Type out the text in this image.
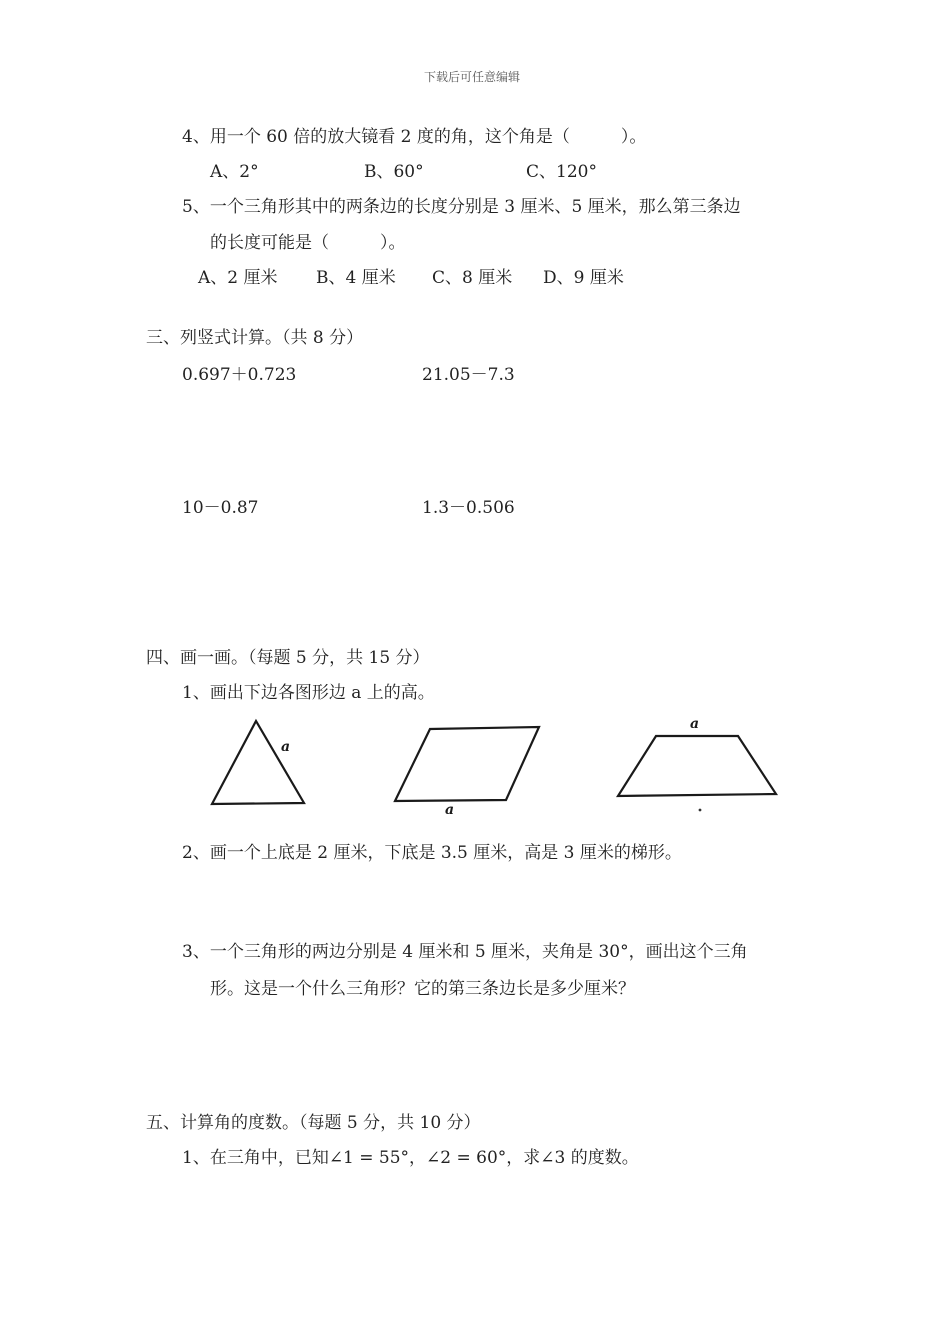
下载后可任意编辑
4、用一个 60 倍的放大镜看 2 度的角，这个角是（　　　）。
A、2°	B、60°	C、120°
5、一个三角形其中的两条边的长度分别是 3 厘米、5 厘米，那么第三条边
的长度可能是（　　　）。
A、2 厘米 B、4 厘米 C、8 厘米 D、9 厘米
三、列竖式计算。（共 8 分）
0.697＋0.723	21.05－7.3
10－0.87	1.3－0.506
四、画一画。（每题 5 分，共 15 分）
1、画出下边各图形边 a 上的高。
a
a
a
2、画一个上底是 2 厘米，下底是 3.5 厘米，高是 3 厘米的梯形。
3、一个三角形的两边分别是 4 厘米和 5 厘米，夹角是 30°，画出这个三角
形。这是一个什么三角形？它的第三条边长是多少厘米？
五、计算角的度数。（每题 5 分，共 10 分）
1、在三角中，已知∠1 = 55°，∠2 = 60°，求∠3 的度数。
